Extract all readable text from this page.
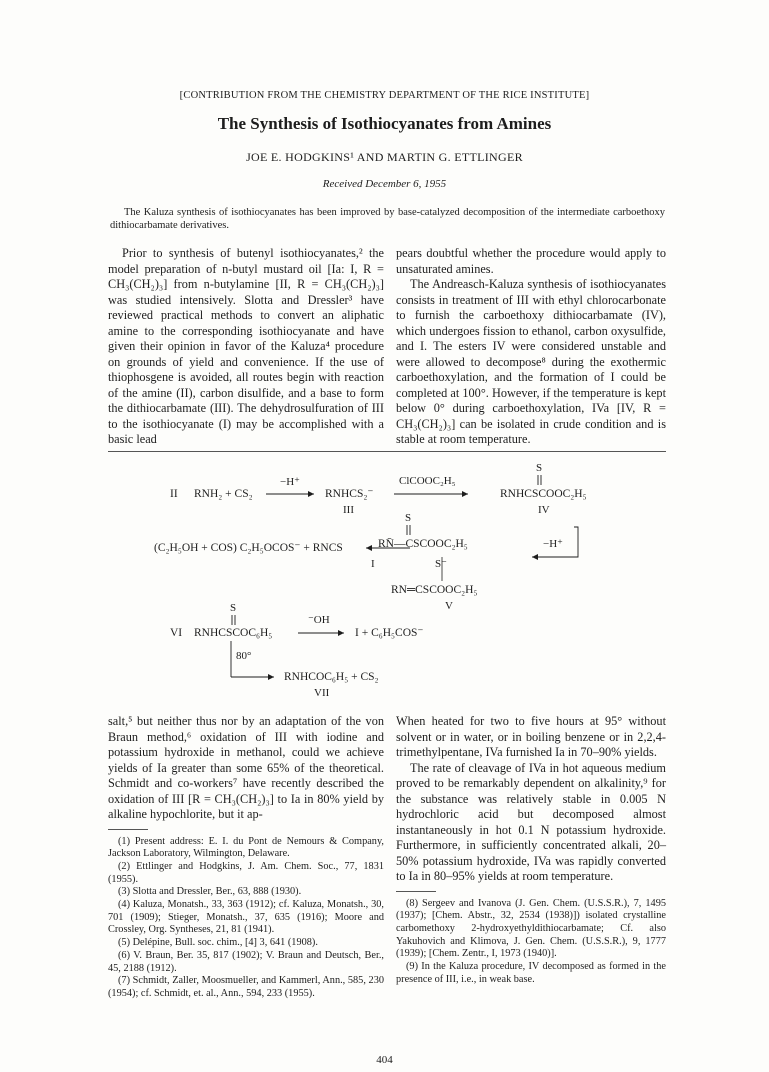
[CONTRIBUTION FROM THE CHEMISTRY DEPARTMENT OF THE RICE INSTITUTE]
The Synthesis of Isothiocyanates from Amines
JOE E. HODGKINS¹ AND MARTIN G. ETTLINGER
Received December 6, 1955
The Kaluza synthesis of isothiocyanates has been improved by base-catalyzed decomposition of the intermediate carboethoxy dithiocarbamate derivatives.

Prior to synthesis of butenyl isothiocyanates,² the model preparation of n-butyl mustard oil [Ia: I, R = CH₃(CH₂)₃] from n-butylamine [II, R = CH₃(CH₂)₃] was studied intensively. Slotta and Dressler³ have reviewed practical methods to convert an aliphatic amine to the corresponding isothiocyanate and have given their opinion in favor of the Kaluza⁴ procedure on grounds of yield and convenience. If the use of thiophosgene is avoided, all routes begin with reaction of the amine (II), carbon disulfide, and a base to form the dithiocarbamate (III). The dehydrosulfuration of III to the isothiocyanate (I) may be accomplished with a basic lead

pears doubtful whether the procedure would apply to unsaturated amines.

The Andreasch-Kaluza synthesis of isothiocyanates consists in treatment of III with ethyl chlorocarbonate to furnish the carboethoxy dithiocarbamate (IV), which undergoes fission to ethanol, carbon oxysulfide, and I. The esters IV were considered unstable and were allowed to decompose⁸ during the exothermic carboethoxylation, and the formation of I could be completed at 100°. However, if the temperature is kept below 0° during carboethoxylation, IVa [IV, R = CH₃(CH₂)₃] can be isolated in crude condition and is stable at room temperature.

II RNH₂ + CS₂
−H⁺
RNHCS₂⁻
III
ClCOOC₂H₅
S
RNHCSCOOC₂H₅
IV
S
RN̄—CSCOOC₂H₅	−H⁺
(C₂H₅OH + COS) C₂H₅OCOS⁻ + RNCS
I	S⁻
RN═CSCOOC₂H₅
V
S
VI RNHCSCOC₆H₅
⁻OH
I + C₆H₅COS⁻
80°
RNHCOC₆H₅ + CS₂
VII

salt,⁵ but neither thus nor by an adaptation of the von Braun method,⁶ oxidation of III with iodine and potassium hydroxide in methanol, could we achieve yields of Ia greater than some 65% of the theoretical. Schmidt and co-workers⁷ have recently described the oxidation of III [R = CH₃(CH₂)₃] to Ia in 80% yield by alkaline hypochlorite, but it ap-

(1) Present address: E. I. du Pont de Nemours & Company, Jackson Laboratory, Wilmington, Delaware.

(2) Ettlinger and Hodgkins, J. Am. Chem. Soc., 77, 1831 (1955).

(3) Slotta and Dressler, Ber., 63, 888 (1930).

(4) Kaluza, Monatsh., 33, 363 (1912); cf. Kaluza, Monatsh., 30, 701 (1909); Stieger, Monatsh., 37, 635 (1916); Moore and Crossley, Org. Syntheses, 21, 81 (1941).

(5) Delépine, Bull. soc. chim., [4] 3, 641 (1908).

(6) V. Braun, Ber. 35, 817 (1902); V. Braun and Deutsch, Ber., 45, 2188 (1912).

(7) Schmidt, Zaller, Moosmueller, and Kammerl, Ann., 585, 230 (1954); cf. Schmidt, et. al., Ann., 594, 233 (1955).

When heated for two to five hours at 95° without solvent or in water, or in boiling benzene or in 2,2,4-trimethylpentane, IVa furnished Ia in 70–90% yields.

The rate of cleavage of IVa in hot aqueous medium proved to be remarkably dependent on alkalinity,⁹ for the substance was relatively stable in 0.005 N hydrochloric acid but decomposed almost instantaneously in hot 0.1 N potassium hydroxide. Furthermore, in sufficiently concentrated alkali, 20–50% potassium hydroxide, IVa was rapidly converted to Ia in 80–95% yields at room temperature.

(8) Sergeev and Ivanova (J. Gen. Chem. (U.S.S.R.), 7, 1495 (1937); [Chem. Abstr., 32, 2534 (1938)]) isolated crystalline carbomethoxy 2-hydroxyethyldithiocarbamate; Cf. also Yakuhovich and Klimova, J. Gen. Chem. (U.S.S.R.), 9, 1777 (1939); [Chem. Zentr., I, 1973 (1940)].

(9) In the Kaluza procedure, IV decomposed as formed in the presence of III, i.e., in weak base.

404
